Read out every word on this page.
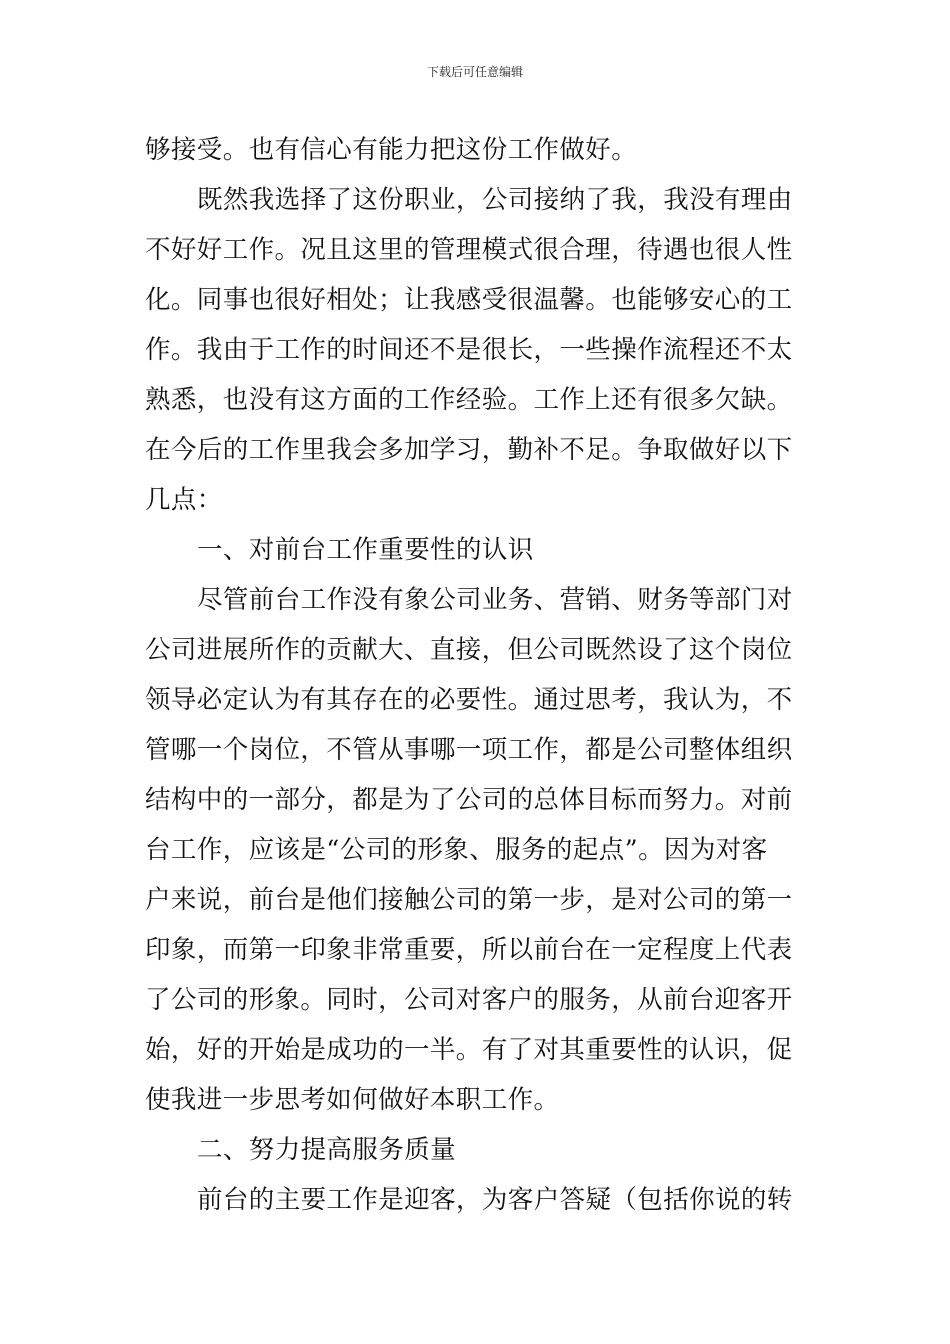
下载后可任意编辑
够接受。也有信心有能力把这份工作做好。
既然我选择了这份职业，公司接纳了我，我没有理由
不好好工作。况且这里的管理模式很合理，待遇也很人性
化。同事也很好相处；让我感受很温馨。也能够安心的工
作。我由于工作的时间还不是很长，一些操作流程还不太
熟悉，也没有这方面的工作经验。工作上还有很多欠缺。
在今后的工作里我会多加学习，勤补不足。争取做好以下
几点：
一、对前台工作重要性的认识
尽管前台工作没有象公司业务、营销、财务等部门对
公司进展所作的贡献大、直接，但公司既然设了这个岗位
领导必定认为有其存在的必要性。通过思考，我认为，不
管哪一个岗位，不管从事哪一项工作，都是公司整体组织
结构中的一部分，都是为了公司的总体目标而努力。对前
台工作，应该是“公司的形象、服务的起点”。因为对客
户来说，前台是他们接触公司的第一步，是对公司的第一
印象，而第一印象非常重要，所以前台在一定程度上代表
了公司的形象。同时，公司对客户的服务，从前台迎客开
始，好的开始是成功的一半。有了对其重要性的认识，促
使我进一步思考如何做好本职工作。
二、努力提高服务质量
前台的主要工作是迎客，为客户答疑（包括你说的转
